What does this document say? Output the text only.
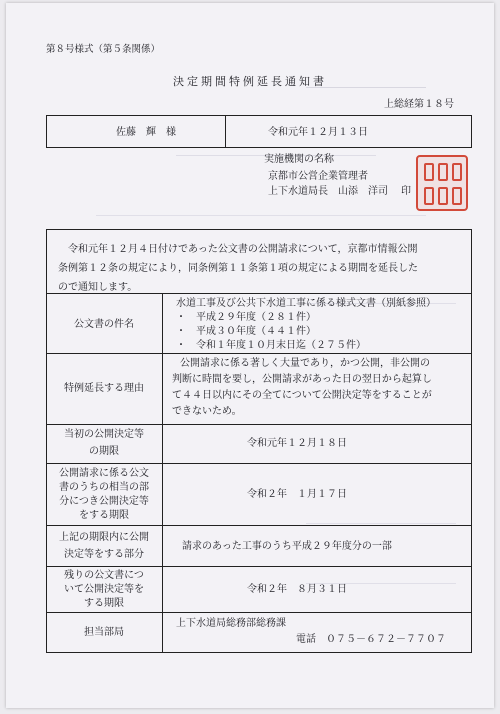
第８号様式（第５条関係）
決定期間特例延長通知書
上総経第１８号
佐藤　輝　様	令和元年１２月１３日
実施機関の名称
京都市公営企業管理者
上下水道局長　山添　洋司 印
令和元年１２月４日付けであった公文書の公開請求について，京都市情報公開
条例第１２条の規定により，同条例第１１条第１項の規定による期間を延長した
ので通知します。
公文書の件名
水道工事及び公共下水道工事に係る様式文書（別紙参照）
・　平成２９年度（２８１件）
・　平成３０年度（４４１件）
・　令和１年度１０月末日迄（２７５件）
特例延長する理由
公開請求に係る著しく大量であり，かつ公開，非公開の
判断に時間を要し，公開請求があった日の翌日から起算し
て４４日以内にその全てについて公開決定等をすることが
できないため。
当初の公開決定等
の期限
令和元年１２月１８日
公開請求に係る公文
書のうちの相当の部
分につき公開決定等
をする期限
令和２年　１月１７日
上記の期限内に公開
決定等をする部分
請求のあった工事のうち平成２９年度分の一部
残りの公文書につ
いて公開決定等を
する期限
令和２年　８月３１日
担当部局
上下水道局総務部総務課
電話　０７５－６７２－７７０７
